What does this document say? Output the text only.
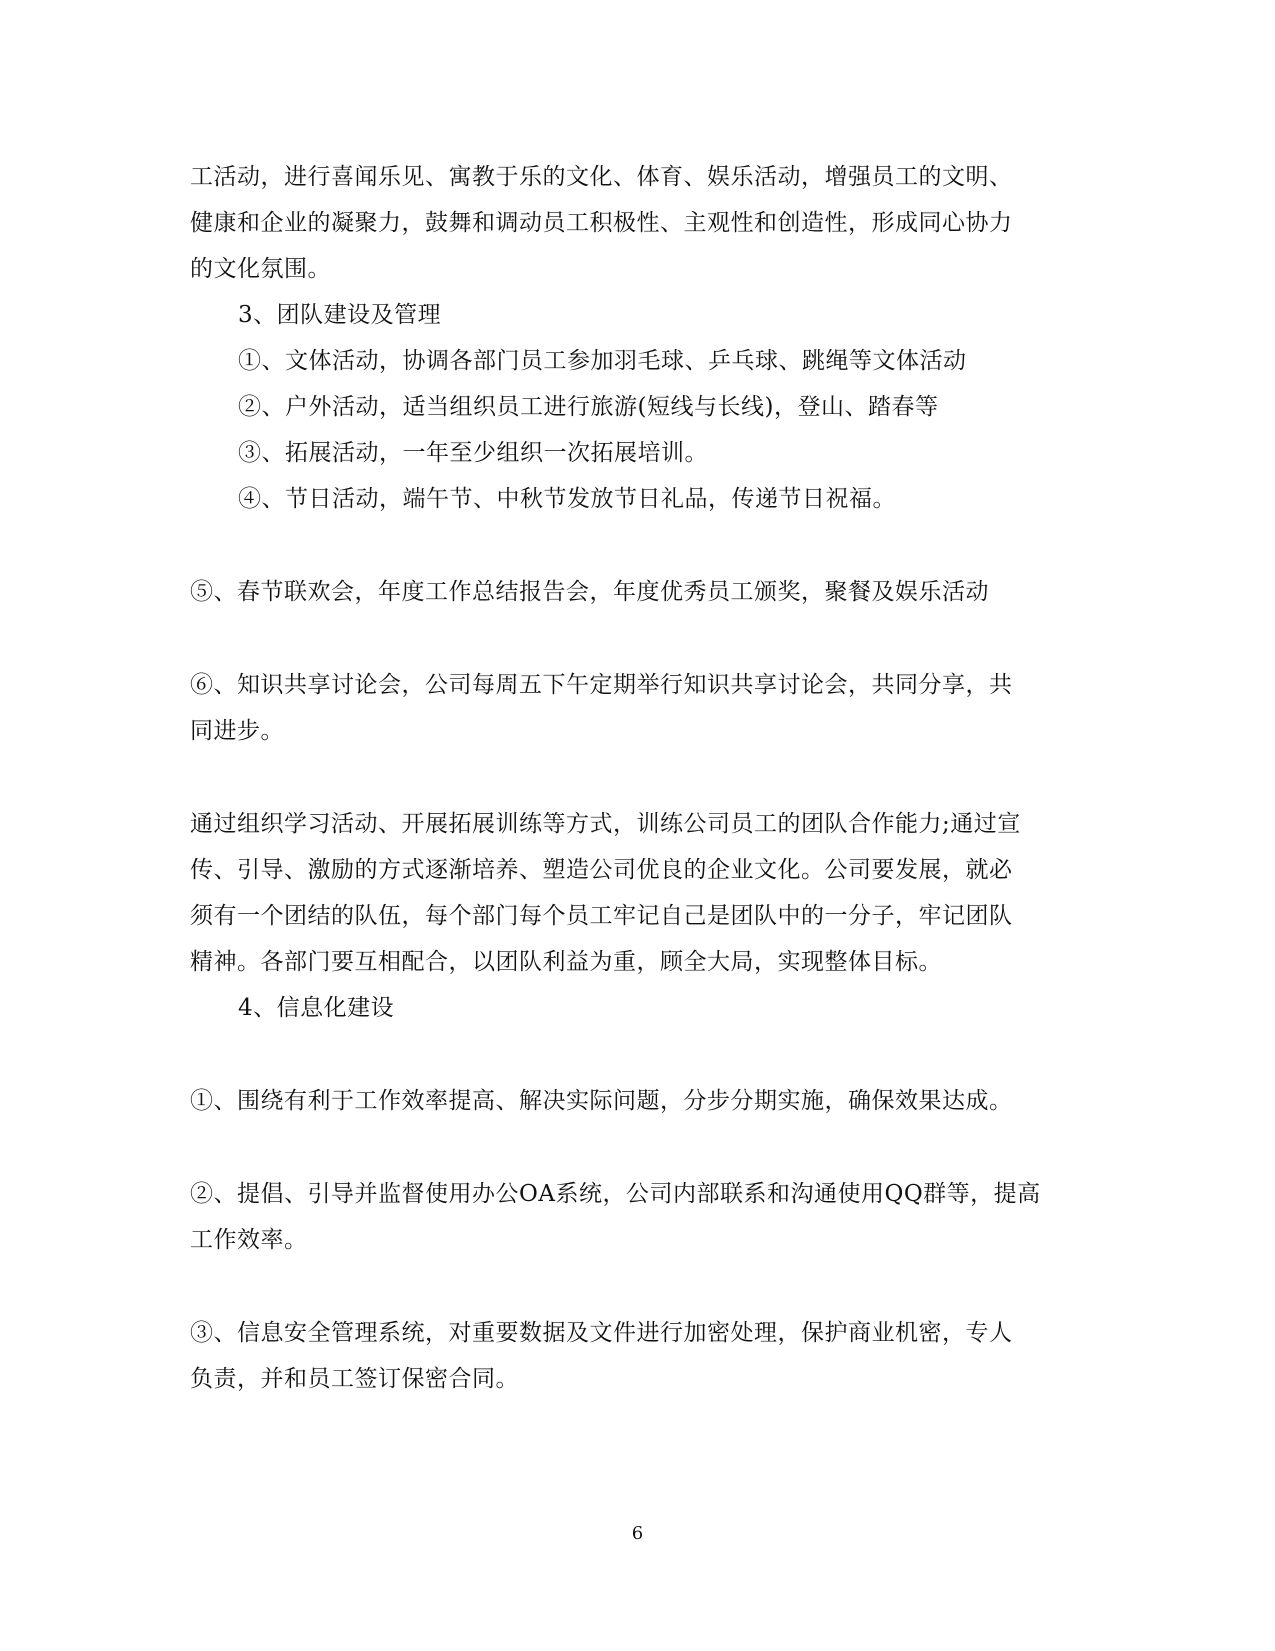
工活动，进行喜闻乐见、寓教于乐的文化、体育、娱乐活动，增强员工的文明、
健康和企业的凝聚力，鼓舞和调动员工积极性、主观性和创造性，形成同心协力
的文化氛围。
3、团队建设及管理
①、文体活动，协调各部门员工参加羽毛球、乒乓球、跳绳等文体活动
②、户外活动，适当组织员工进行旅游(短线与长线)，登山、踏春等
③、拓展活动，一年至少组织一次拓展培训。
④、节日活动，端午节、中秋节发放节日礼品，传递节日祝福。
⑤、春节联欢会，年度工作总结报告会，年度优秀员工颁奖，聚餐及娱乐活动
⑥、知识共享讨论会，公司每周五下午定期举行知识共享讨论会，共同分享，共
同进步。
通过组织学习活动、开展拓展训练等方式，训练公司员工的团队合作能力;通过宣
传、引导、激励的方式逐渐培养、塑造公司优良的企业文化。公司要发展，就必
须有一个团结的队伍，每个部门每个员工牢记自己是团队中的一分子，牢记团队
精神。各部门要互相配合，以团队利益为重，顾全大局，实现整体目标。
4、信息化建设
①、围绕有利于工作效率提高、解决实际问题，分步分期实施，确保效果达成。
②、提倡、引导并监督使用办公OA系统，公司内部联系和沟通使用QQ群等，提高
工作效率。
③、信息安全管理系统，对重要数据及文件进行加密处理，保护商业机密，专人
负责，并和员工签订保密合同。
6
